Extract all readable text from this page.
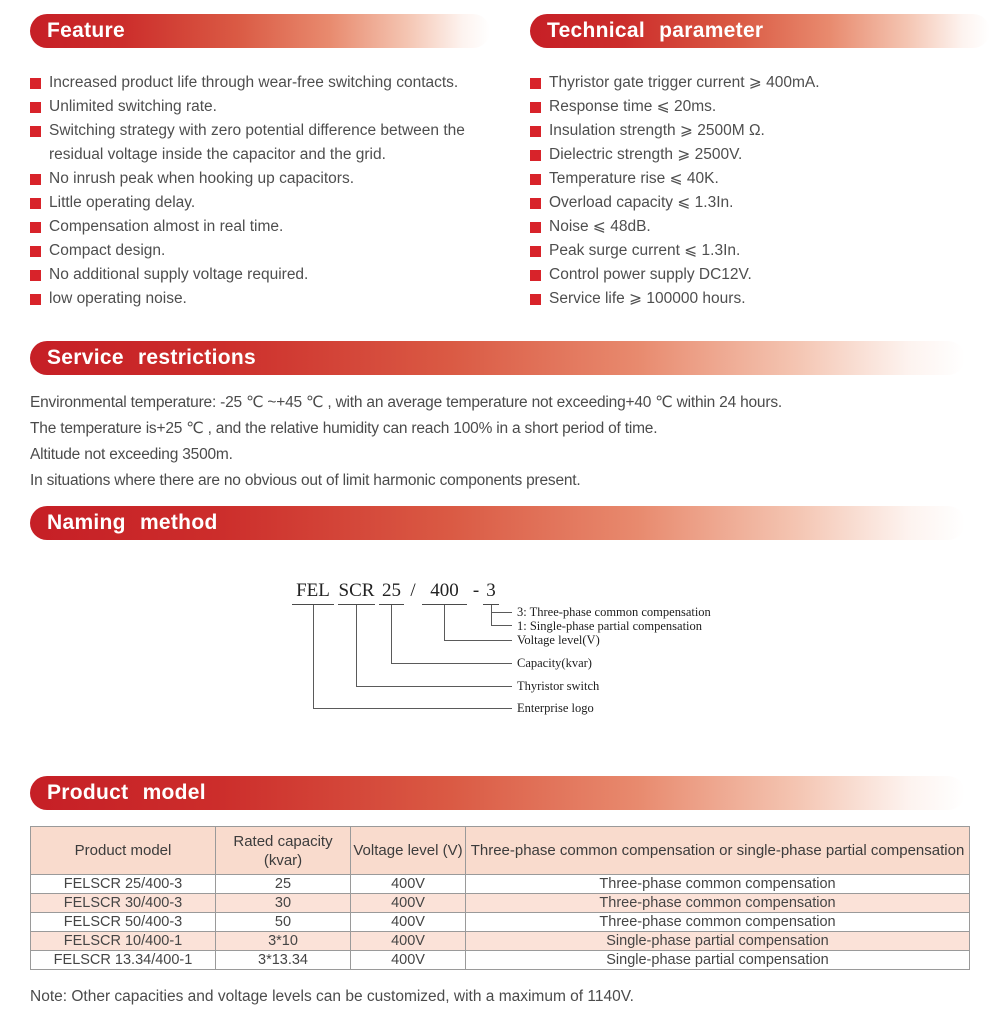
Feature
Increased product life through wear-free switching contacts.
Unlimited switching rate.
Switching strategy with zero potential difference between the residual voltage inside the capacitor and the grid.
No inrush peak when hooking up capacitors.
Little operating delay.
Compensation almost in real time.
Compact design.
No additional supply voltage required.
low operating noise.
Technical parameter
Thyristor gate trigger current ⩾ 400mA.
Response time ⩽ 20ms.
Insulation strength ⩾ 2500M Ω.
Dielectric strength ⩾ 2500V.
Temperature rise ⩽ 40K.
Overload capacity ⩽ 1.3In.
Noise ⩽ 48dB.
Peak surge current ⩽ 1.3In.
Control power supply DC12V.
Service life ⩾ 100000 hours.
Service restrictions
Environmental temperature: -25 ℃ ~+45 ℃ , with an average temperature not exceeding+40 ℃ within 24 hours.
The temperature is+25 ℃ , and the relative humidity can reach 100% in a short period of time.
Altitude not exceeding 3500m.
In situations where there are no obvious out of limit harmonic components present.
Naming method
FEL SCR 25 / 400 - 3
3: Three-phase common compensation
1: Single-phase partial compensation
Voltage level(V)
Capacity(kvar)
Thyristor switch
Enterprise logo
Product model
Product model	Rated capacity (kvar)	Voltage level (V)	Three-phase common compensation or single-phase partial compensation
FELSCR 25/400-3	25	400V	Three-phase common compensation
FELSCR 30/400-3	30	400V	Three-phase common compensation
FELSCR 50/400-3	50	400V	Three-phase common compensation
FELSCR 10/400-1	3*10	400V	Single-phase partial compensation
FELSCR 13.34/400-1	3*13.34	400V	Single-phase partial compensation
Note: Other capacities and voltage levels can be customized, with a maximum of 1140V.
